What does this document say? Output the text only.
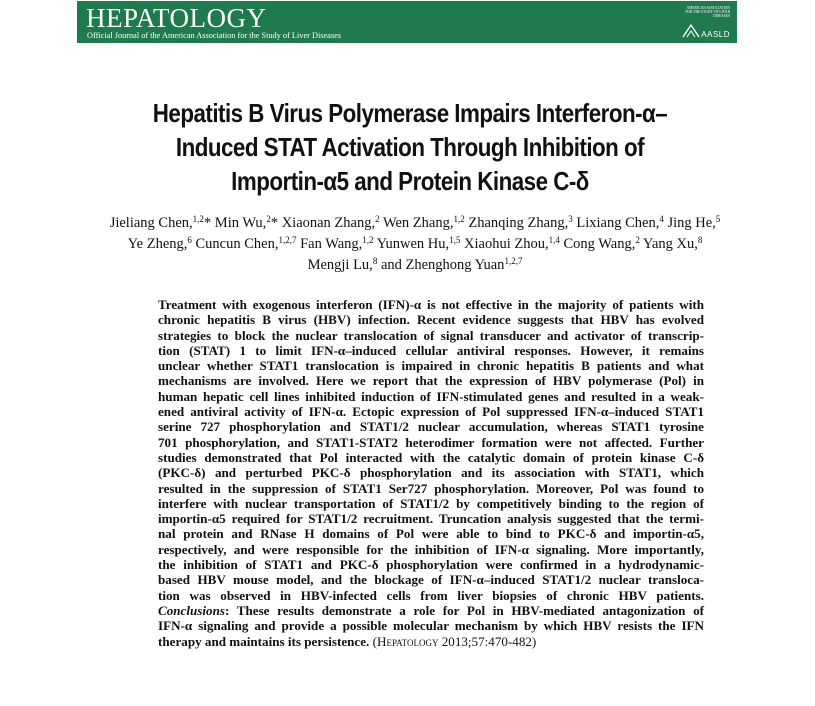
HEPATOLOGY
Official Journal of the American Association for the Study of Liver Diseases
AMERICAN ASSOCIATION FOR THE STUDY OF LIVER DISEASES
AASLD
Hepatitis B Virus Polymerase Impairs Interferon-α–
Induced STAT Activation Through Inhibition of
Importin-α5 and Protein Kinase C-δ
Jieliang Chen,$^{1,2}$* Min Wu,$^2$* Xiaonan Zhang,$^2$ Wen Zhang,$^{1,2}$ Zhanqing Zhang,$^3$ Lixiang Chen,$^4$ Jing He,$^5$
Ye Zheng,$^6$ Cuncun Chen,$^{1,2,7}$ Fan Wang,$^{1,2}$ Yunwen Hu,$^{1,5}$ Xiaohui Zhou,$^{1,4}$ Cong Wang,$^2$ Yang Xu,$^8$
Mengji Lu,$^8$ and Zhenghong Yuan$^{1,2,7}$
Treatment with exogenous interferon (IFN)-α is not effective in the majority of patients with
chronic hepatitis B virus (HBV) infection. Recent evidence suggests that HBV has evolved
strategies to block the nuclear translocation of signal transducer and activator of transcrip-
tion (STAT) 1 to limit IFN-α–induced cellular antiviral responses. However, it remains
unclear whether STAT1 translocation is impaired in chronic hepatitis B patients and what
mechanisms are involved. Here we report that the expression of HBV polymerase (Pol) in
human hepatic cell lines inhibited induction of IFN-stimulated genes and resulted in a weak-
ened antiviral activity of IFN-α. Ectopic expression of Pol suppressed IFN-α–induced STAT1
serine 727 phosphorylation and STAT1/2 nuclear accumulation, whereas STAT1 tyrosine
701 phosphorylation, and STAT1-STAT2 heterodimer formation were not affected. Further
studies demonstrated that Pol interacted with the catalytic domain of protein kinase C-δ
(PKC-δ) and perturbed PKC-δ phosphorylation and its association with STAT1, which
resulted in the suppression of STAT1 Ser727 phosphorylation. Moreover, Pol was found to
interfere with nuclear transportation of STAT1/2 by competitively binding to the region of
importin-α5 required for STAT1/2 recruitment. Truncation analysis suggested that the termi-
nal protein and RNase H domains of Pol were able to bind to PKC-δ and importin-α5,
respectively, and were responsible for the inhibition of IFN-α signaling. More importantly,
the inhibition of STAT1 and PKC-δ phosphorylation were confirmed in a hydrodynamic-
based HBV mouse model, and the blockage of IFN-α–induced STAT1/2 nuclear transloca-
tion was observed in HBV-infected cells from liver biopsies of chronic HBV patients.
Conclusions: These results demonstrate a role for Pol in HBV-mediated antagonization of
IFN-α signaling and provide a possible molecular mechanism by which HBV resists the IFN
therapy and maintains its persistence. (Hepatology 2013;57:470-482)
